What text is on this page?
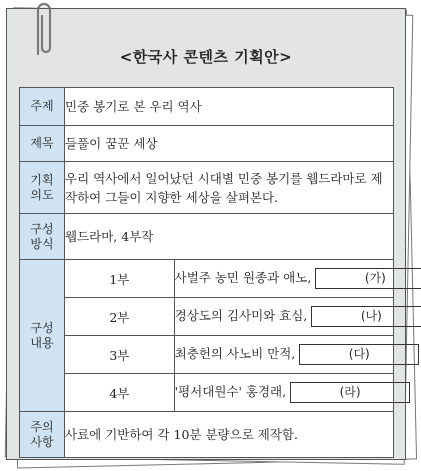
<한국사 콘텐츠 기획안>
주제	민중 봉기로 본 우리 역사	
제목	들풀이 꿈꾼 세상	

기획
의도	우리 역사에서 일어났던 시대별 민중 봉기를 웹드라마로 제작하여 그들이 지향한 세상을 살펴본다.	

구성
방식	웹드라마, 4부작	

구성
내용	1부	사벌주 농민 원종과 애노, (가)
	2부	경상도의 김사미와 효심, (나)
	3부	최충헌의 사노비 만적, (다)
	4부	'평서대원수' 홍경래, (라)

주의
사항	사료에 기반하여 각 10분 분량으로 제작함.	
